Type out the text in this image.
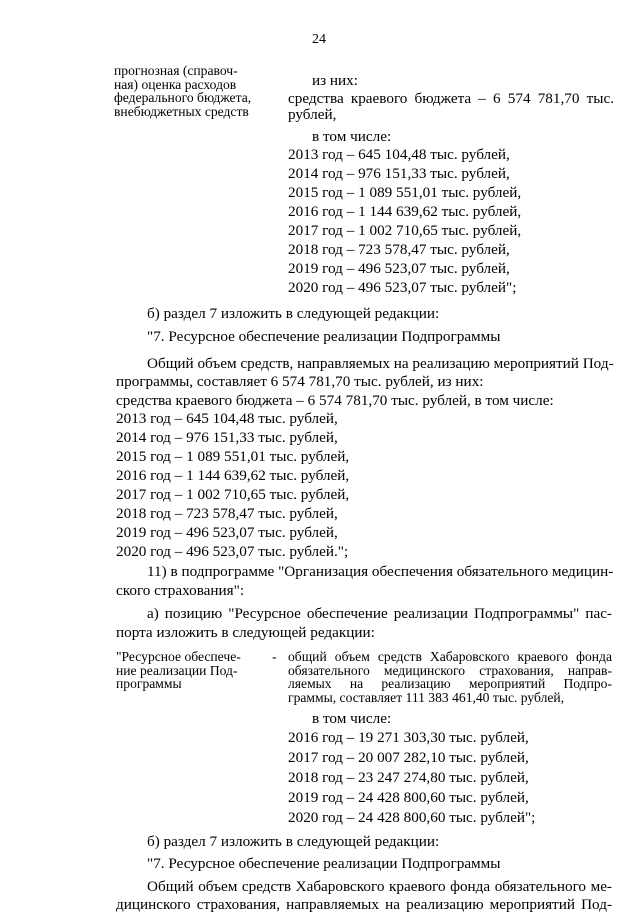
24
прогнозная (справоч-
ная) оценка расходов
федерального бюджета,
внебюджетных средств
из них:
средства краевого бюджета – 6 574 781,70 тыс.
рублей,
в том числе:
2013 год – 645 104,48 тыс. рублей,
2014 год – 976 151,33 тыс. рублей,
2015 год – 1 089 551,01 тыс. рублей,
2016 год – 1 144 639,62 тыс. рублей,
2017 год – 1 002 710,65 тыс. рублей,
2018 год – 723 578,47 тыс. рублей,
2019 год – 496 523,07 тыс. рублей,
2020 год – 496 523,07 тыс. рублей";
б) раздел 7 изложить в следующей редакции:
"7. Ресурсное обеспечение реализации Подпрограммы
Общий объем средств, направляемых на реализацию мероприятий Под-
программы, составляет 6 574 781,70 тыс. рублей, из них:
средства краевого бюджета – 6 574 781,70 тыс. рублей, в том числе:
2013 год – 645 104,48 тыс. рублей,
2014 год – 976 151,33 тыс. рублей,
2015 год – 1 089 551,01 тыс. рублей,
2016 год – 1 144 639,62 тыс. рублей,
2017 год – 1 002 710,65 тыс. рублей,
2018 год – 723 578,47 тыс. рублей,
2019 год – 496 523,07 тыс. рублей,
2020 год – 496 523,07 тыс. рублей.";
11) в подпрограмме "Организация обеспечения обязательного медицин-
ского страхования":
а) позицию "Ресурсное обеспечение реализации Подпрограммы" пас-
порта изложить в следующей редакции:
"Ресурсное обеспече-
ние реализации Под-
программы
- общий объем средств Хабаровского краевого фонда
обязательного медицинского страхования, направ-
ляемых на реализацию мероприятий Подпро-
граммы, составляет 111 383 461,40 тыс. рублей,
в том числе:
2016 год – 19 271 303,30 тыс. рублей,
2017 год – 20 007 282,10 тыс. рублей,
2018 год – 23 247 274,80 тыс. рублей,
2019 год – 24 428 800,60 тыс. рублей,
2020 год – 24 428 800,60 тыс. рублей";
б) раздел 7 изложить в следующей редакции:
"7. Ресурсное обеспечение реализации Подпрограммы
Общий объем средств Хабаровского краевого фонда обязательного ме-
дицинского страхования, направляемых на реализацию мероприятий Под-
